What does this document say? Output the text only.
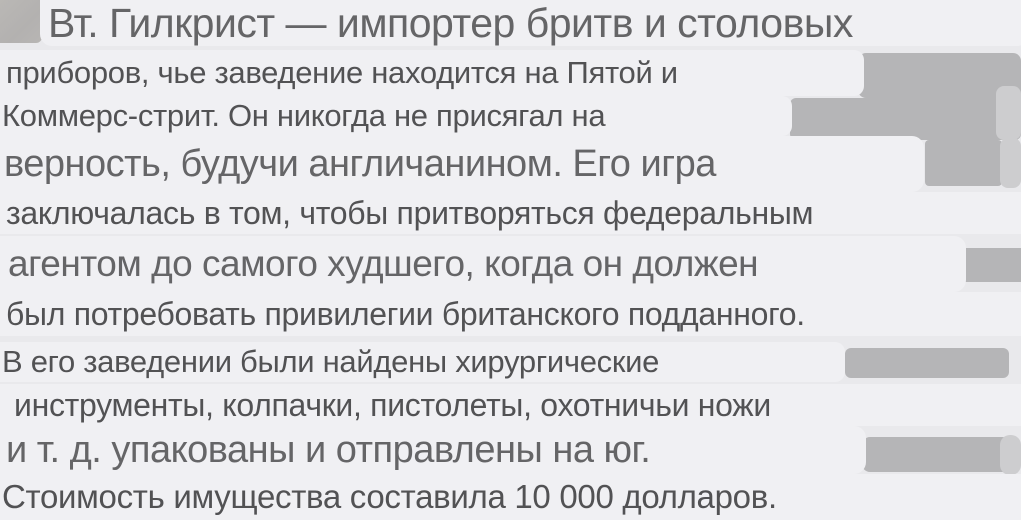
Вт. Гилкрист — импортер бритв и столовых
приборов, чье заведение находится на Пятой и
Коммерс-стрит. Он никогда не присягал на
верность, будучи англичанином. Его игра
заключалась в том, чтобы притворяться федеральным
агентом до самого худшего, когда он должен
был потребовать привилегии британского подданного.
В его заведении были найдены хирургические
инструменты, колпачки, пистолеты, охотничьи ножи
и т. д. упакованы и отправлены на юг.
Стоимость имущества составила 10 000 долларов.
